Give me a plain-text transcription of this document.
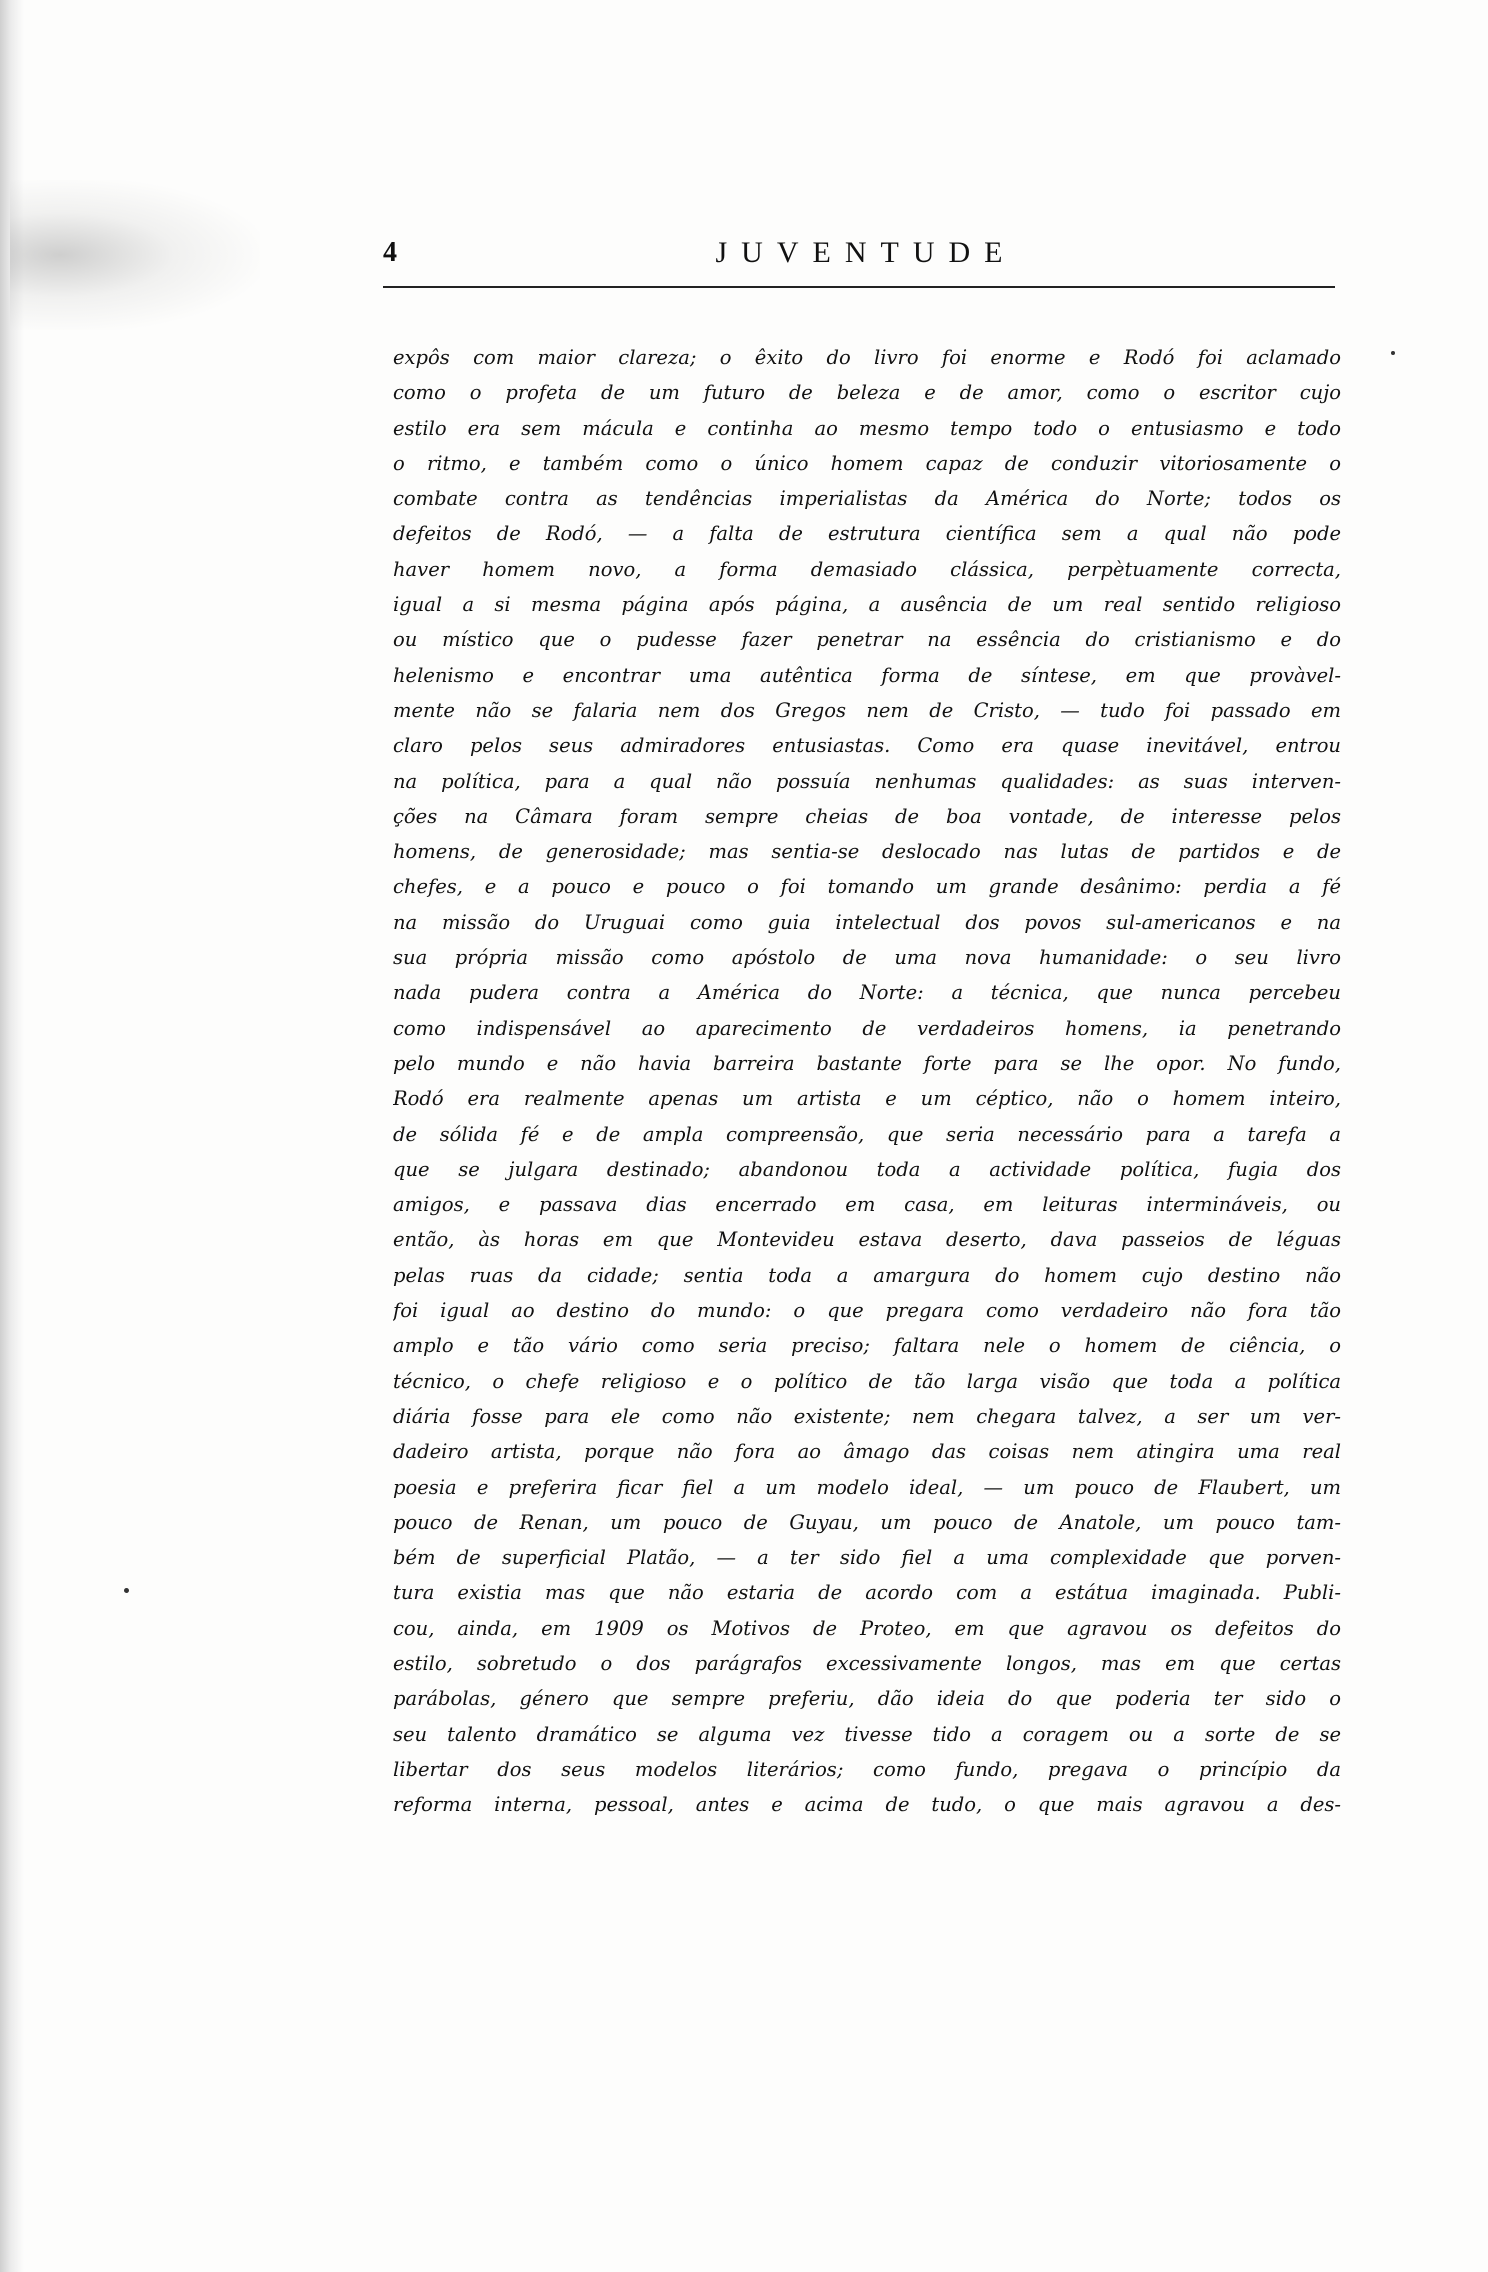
4	JUVENTUDE
expôs com maior clareza; o êxito do livro foi enorme e Rodó foi aclamado
como o profeta de um futuro de beleza e de amor, como o escritor cujo
estilo era sem mácula e continha ao mesmo tempo todo o entusiasmo e todo
o ritmo, e também como o único homem capaz de conduzir vitoriosamente o
combate contra as tendências imperialistas da América do Norte; todos os
defeitos de Rodó, — a falta de estrutura científica sem a qual não pode
haver homem novo, a forma demasiado clássica, perpètuamente correcta,
igual a si mesma página após página, a ausência de um real sentido religioso
ou místico que o pudesse fazer penetrar na essência do cristianismo e do
helenismo e encontrar uma autêntica forma de síntese, em que provàvel-
mente não se falaria nem dos Gregos nem de Cristo, — tudo foi passado em
claro pelos seus admiradores entusiastas. Como era quase inevitável, entrou
na política, para a qual não possuía nenhumas qualidades: as suas interven-
ções na Câmara foram sempre cheias de boa vontade, de interesse pelos
homens, de generosidade; mas sentia-se deslocado nas lutas de partidos e de
chefes, e a pouco e pouco o foi tomando um grande desânimo: perdia a fé
na missão do Uruguai como guia intelectual dos povos sul-americanos e na
sua própria missão como apóstolo de uma nova humanidade: o seu livro
nada pudera contra a América do Norte: a técnica, que nunca percebeu
como indispensável ao aparecimento de verdadeiros homens, ia penetrando
pelo mundo e não havia barreira bastante forte para se lhe opor. No fundo,
Rodó era realmente apenas um artista e um céptico, não o homem inteiro,
de sólida fé e de ampla compreensão, que seria necessário para a tarefa a
que se julgara destinado; abandonou toda a actividade política, fugia dos
amigos, e passava dias encerrado em casa, em leituras intermináveis, ou
então, às horas em que Montevideu estava deserto, dava passeios de léguas
pelas ruas da cidade; sentia toda a amargura do homem cujo destino não
foi igual ao destino do mundo: o que pregara como verdadeiro não fora tão
amplo e tão vário como seria preciso; faltara nele o homem de ciência, o
técnico, o chefe religioso e o político de tão larga visão que toda a política
diária fosse para ele como não existente; nem chegara talvez, a ser um ver-
dadeiro artista, porque não fora ao âmago das coisas nem atingira uma real
poesia e preferira ficar fiel a um modelo ideal, — um pouco de Flaubert, um
pouco de Renan, um pouco de Guyau, um pouco de Anatole, um pouco tam-
bém de superficial Platão, — a ter sido fiel a uma complexidade que porven-
tura existia mas que não estaria de acordo com a estátua imaginada. Publi-
cou, ainda, em 1909 os Motivos de Proteo, em que agravou os defeitos do
estilo, sobretudo o dos parágrafos excessivamente longos, mas em que certas
parábolas, género que sempre preferiu, dão ideia do que poderia ter sido o
seu talento dramático se alguma vez tivesse tido a coragem ou a sorte de se
libertar dos seus modelos literários; como fundo, pregava o princípio da
reforma interna, pessoal, antes e acima de tudo, o que mais agravou a des-
